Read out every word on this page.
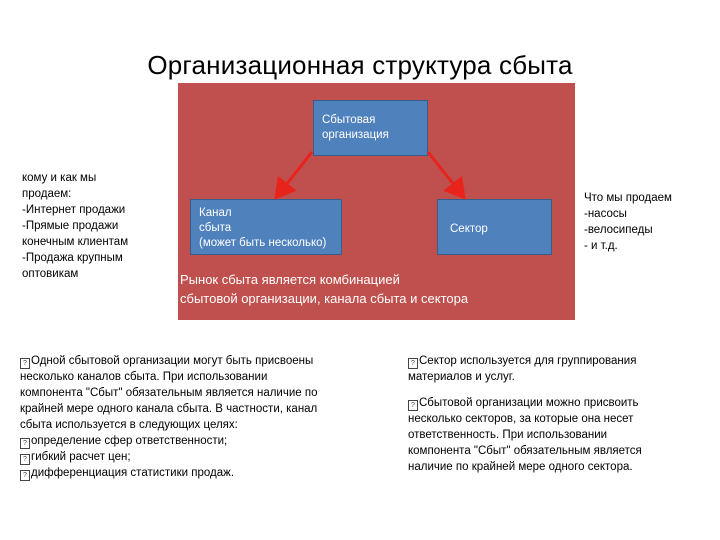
Организационная структура сбыта
Сбытовая
организация
Канал
сбыта
(может быть несколько)
Сектор
Рынок сбыта является комбинацией
сбытовой организации, канала сбыта и сектора
кому и как мы
продаем:
-Интернет продажи
-Прямые продажи
конечным клиентам
-Продажа крупным
оптовикам
Что мы продаем
-насосы
-велосипеды
- и т.д.
? Одной сбытовой организации могут быть присвоены
несколько каналов сбыта. При использовании
компонента "Сбыт" обязательным является наличие по
крайней мере одного канала сбыта. В частности, канал
сбыта используется в следующих целях:
? определение сфер ответственности;
? гибкий расчет цен;
? дифференциация статистики продаж.
? Сектор используется для группирования
материалов и услуг.
? Сбытовой организации можно присвоить
несколько секторов, за которые она несет
ответственность. При использовании
компонента "Сбыт" обязательным является
наличие по крайней мере одного сектора.
